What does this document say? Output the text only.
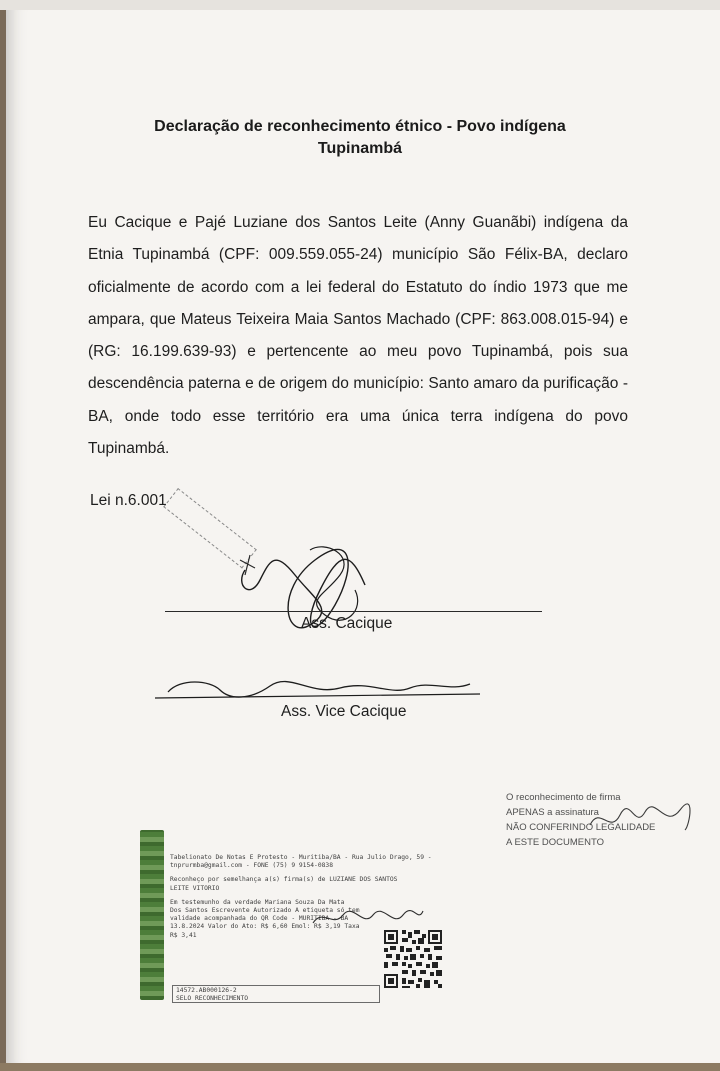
Declaração de reconhecimento étnico - Povo indígena Tupinambá
Eu Cacique e Pajé Luziane dos Santos Leite (Anny Guanãbi) indígena da Etnia Tupinambá (CPF: 009.559.055-24) município São Félix-BA, declaro oficialmente de acordo com a lei federal do Estatuto do índio 1973 que me ampara, que Mateus Teixeira Maia Santos Machado (CPF: 863.008.015-94) e (RG: 16.199.639-93) e pertencente ao meu povo Tupinambá, pois sua descendência paterna e de origem do município: Santo amaro da purificação - BA, onde todo esse território era uma única terra indígena do povo Tupinambá.
Lei n.6.001
Ass. Cacique
Ass. Vice Cacique
O reconhecimento de firma
APENAS a assinatura
NÃO CONFERINDO LEGALIDADE
A ESTE DOCUMENTO
Tabelionato De Notas E Protesto - Muritiba/BA - Rua Julio Drago, 59 -
tnprurmba@gmail.com - FONE (75) 9 9154-0838
Reconheço por semelhança a(s) firma(s) de LUZIANE DOS SANTOS
LEITE VITÓRIO
Em testemunho da verdade Mariana Souza Da Mata
Dos Santos Escrevente Autorizado A etiqueta só tem
validade acompanhada do QR Code - MURITIBA - BA
13.8.2024 Valor do Ato: R$ 6,60 Emol: R$ 3,19 Taxa
R$ 3,41
14572.AB000126-2
SELO RECONHECIMENTO
